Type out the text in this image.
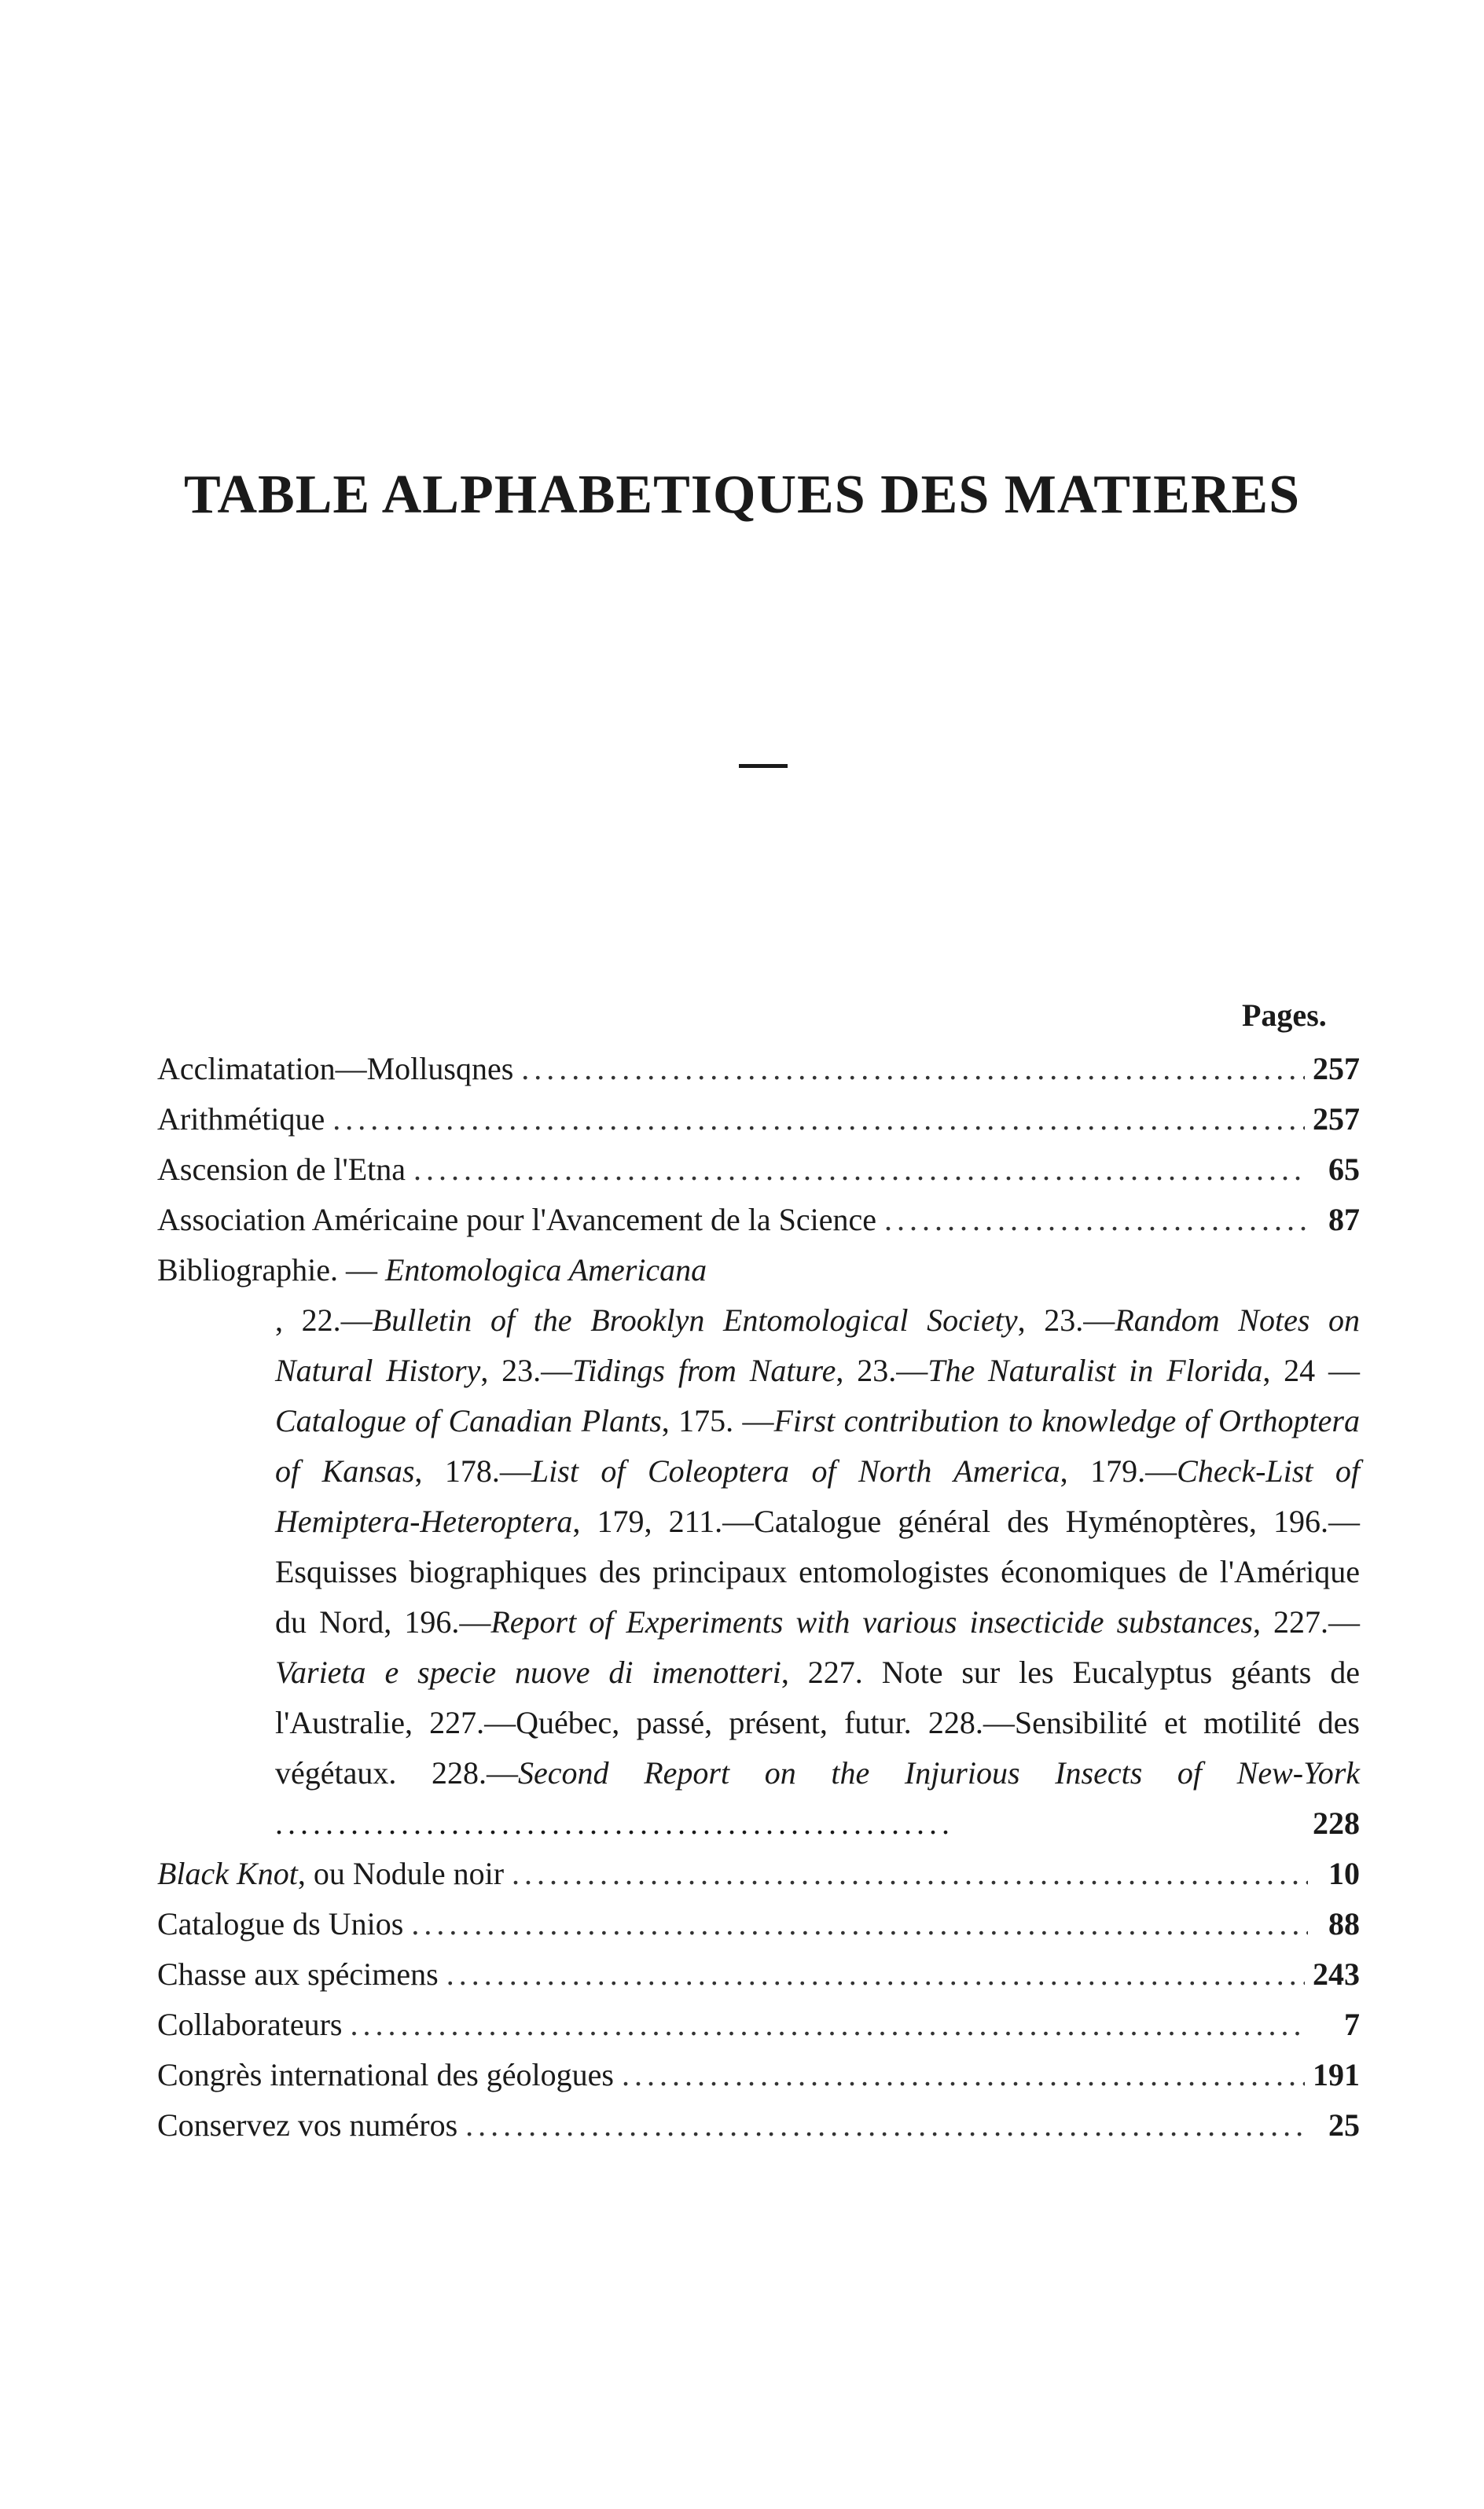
TABLE ALPHABETIQUES DES MATIERES
Pages.
Acclimatation—Mollusqnes .....	257
Arithmétique .....	257
Ascension de l'Etna .....	65
Association Américaine pour l'Avancement de la Science .....	87
Bibliographie. — Entomologica Americana
, 22.—Bulletin of the Brooklyn Entomological Society, 23.—Random Notes on Natural History, 23.—Tidings from Nature, 23.—The Naturalist in Florida, 24 —Catalogue of Canadian Plants, 175. —First contribution to knowledge of Orthoptera of Kansas, 178.—List of Coleoptera of North America, 179.—Check-List of Hemiptera-Heteroptera, 179, 211.—Catalogue général des Hyménoptères, 196.—Esquisses biographiques des principaux entomologistes économiques de l'Amérique du Nord, 196.—Report of Experiments with various insecticide substances, 227.— Varieta e specie nuove di imenotteri, 227. Note sur les Eucalyptus géants de l'Australie, 227.—Québec, passé, présent, futur. 228.—Sensibilité et motilité des végétaux. 228.—Second Report on the Injurious Insects of New-York ......................................................	228
Black Knot, ou Nodule noir .....	10
Catalogue ds Unios .....	88
Chasse aux spécimens .....	243
Collaborateurs .....	7
Congrès international des géologues .....	191
Conservez vos numéros .....	25
